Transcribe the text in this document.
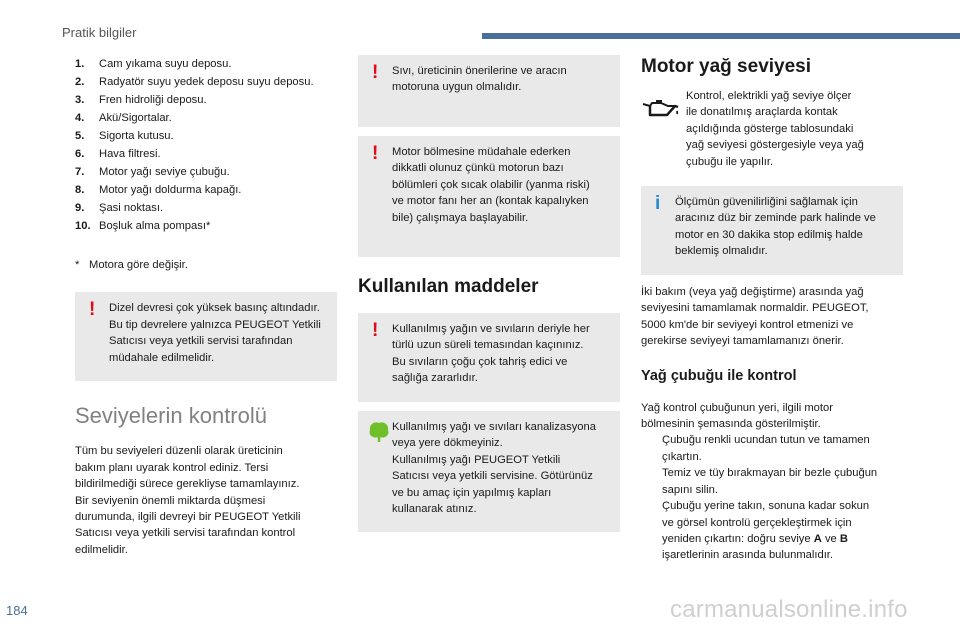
Pratik bilgiler
1.	Cam yıkama suyu deposu.
2.	Radyatör suyu yedek deposu suyu deposu.
3.	Fren hidroliği deposu.
4.	Akü/Sigortalar.
5.	Sigorta kutusu.
6.	Hava filtresi.
7.	Motor yağı seviye çubuğu.
8.	Motor yağı doldurma kapağı.
9.	Şasi noktası.
10. Boşluk alma pompası*
* Motora göre değişir.
! Dizel devresi çok yüksek basınç altındadır.
Bu tip devrelere yalnızca PEUGEOT Yetkili
Satıcısı veya yetkili servisi tarafından
müdahale edilmelidir.
Seviyelerin kontrolü
Tüm bu seviyeleri düzenli olarak üreticinin
bakım planı uyarak kontrol ediniz. Tersi
bildirilmediği sürece gerekliyse tamamlayınız.
Bir seviyenin önemli miktarda düşmesi
durumunda, ilgili devreyi bir PEUGEOT Yetkili
Satıcısı veya yetkili servisi tarafından kontrol
edilmelidir.
! Sıvı, üreticinin önerilerine ve aracın
motoruna uygun olmalıdır.
! Motor bölmesine müdahale ederken
dikkatli olunuz çünkü motorun bazı
bölümleri çok sıcak olabilir (yanma riski)
ve motor fanı her an (kontak kapalıyken
bile) çalışmaya başlayabilir.
Kullanılan maddeler
! Kullanılmış yağın ve sıvıların deriyle her
türlü uzun süreli temasından kaçınınız.
Bu sıvıların çoğu çok tahriş edici ve
sağlığa zararlıdır.
Kullanılmış yağı ve sıvıları kanalizasyona
veya yere dökmeyiniz.
Kullanılmış yağı PEUGEOT Yetkili
Satıcısı veya yetkili servisine. Götürünüz
ve bu amaç için yapılmış kapları
kullanarak atınız.
Motor yağ seviyesi
Kontrol, elektrikli yağ seviye ölçer
ile donatılmış araçlarda kontak
açıldığında gösterge tablosundaki
yağ seviyesi göstergesiyle veya yağ
çubuğu ile yapılır.
i Ölçümün güvenilirliğini sağlamak için
aracınız düz bir zeminde park halinde ve
motor en 30 dakika stop edilmiş halde
beklemiş olmalıdır.
İki bakım (veya yağ değiştirme) arasında yağ
seviyesini tamamlamak normaldir. PEUGEOT,
5000 km'de bir seviyeyi kontrol etmenizi ve
gerekirse seviyeyi tamamlamanızı önerir.
Yağ çubuğu ile kontrol
Yağ kontrol çubuğunun yeri, ilgili motor
bölmesinin şemasında gösterilmiştir.
Çubuğu renkli ucundan tutun ve tamamen
çıkartın.
Temiz ve tüy bırakmayan bir bezle çubuğun
sapını silin.
Çubuğu yerine takın, sonuna kadar sokun
ve görsel kontrolü gerçekleştirmek için
yeniden çıkartın: doğru seviye A ve B
işaretlerinin arasında bulunmalıdır.
184	carmanualsonline.info
